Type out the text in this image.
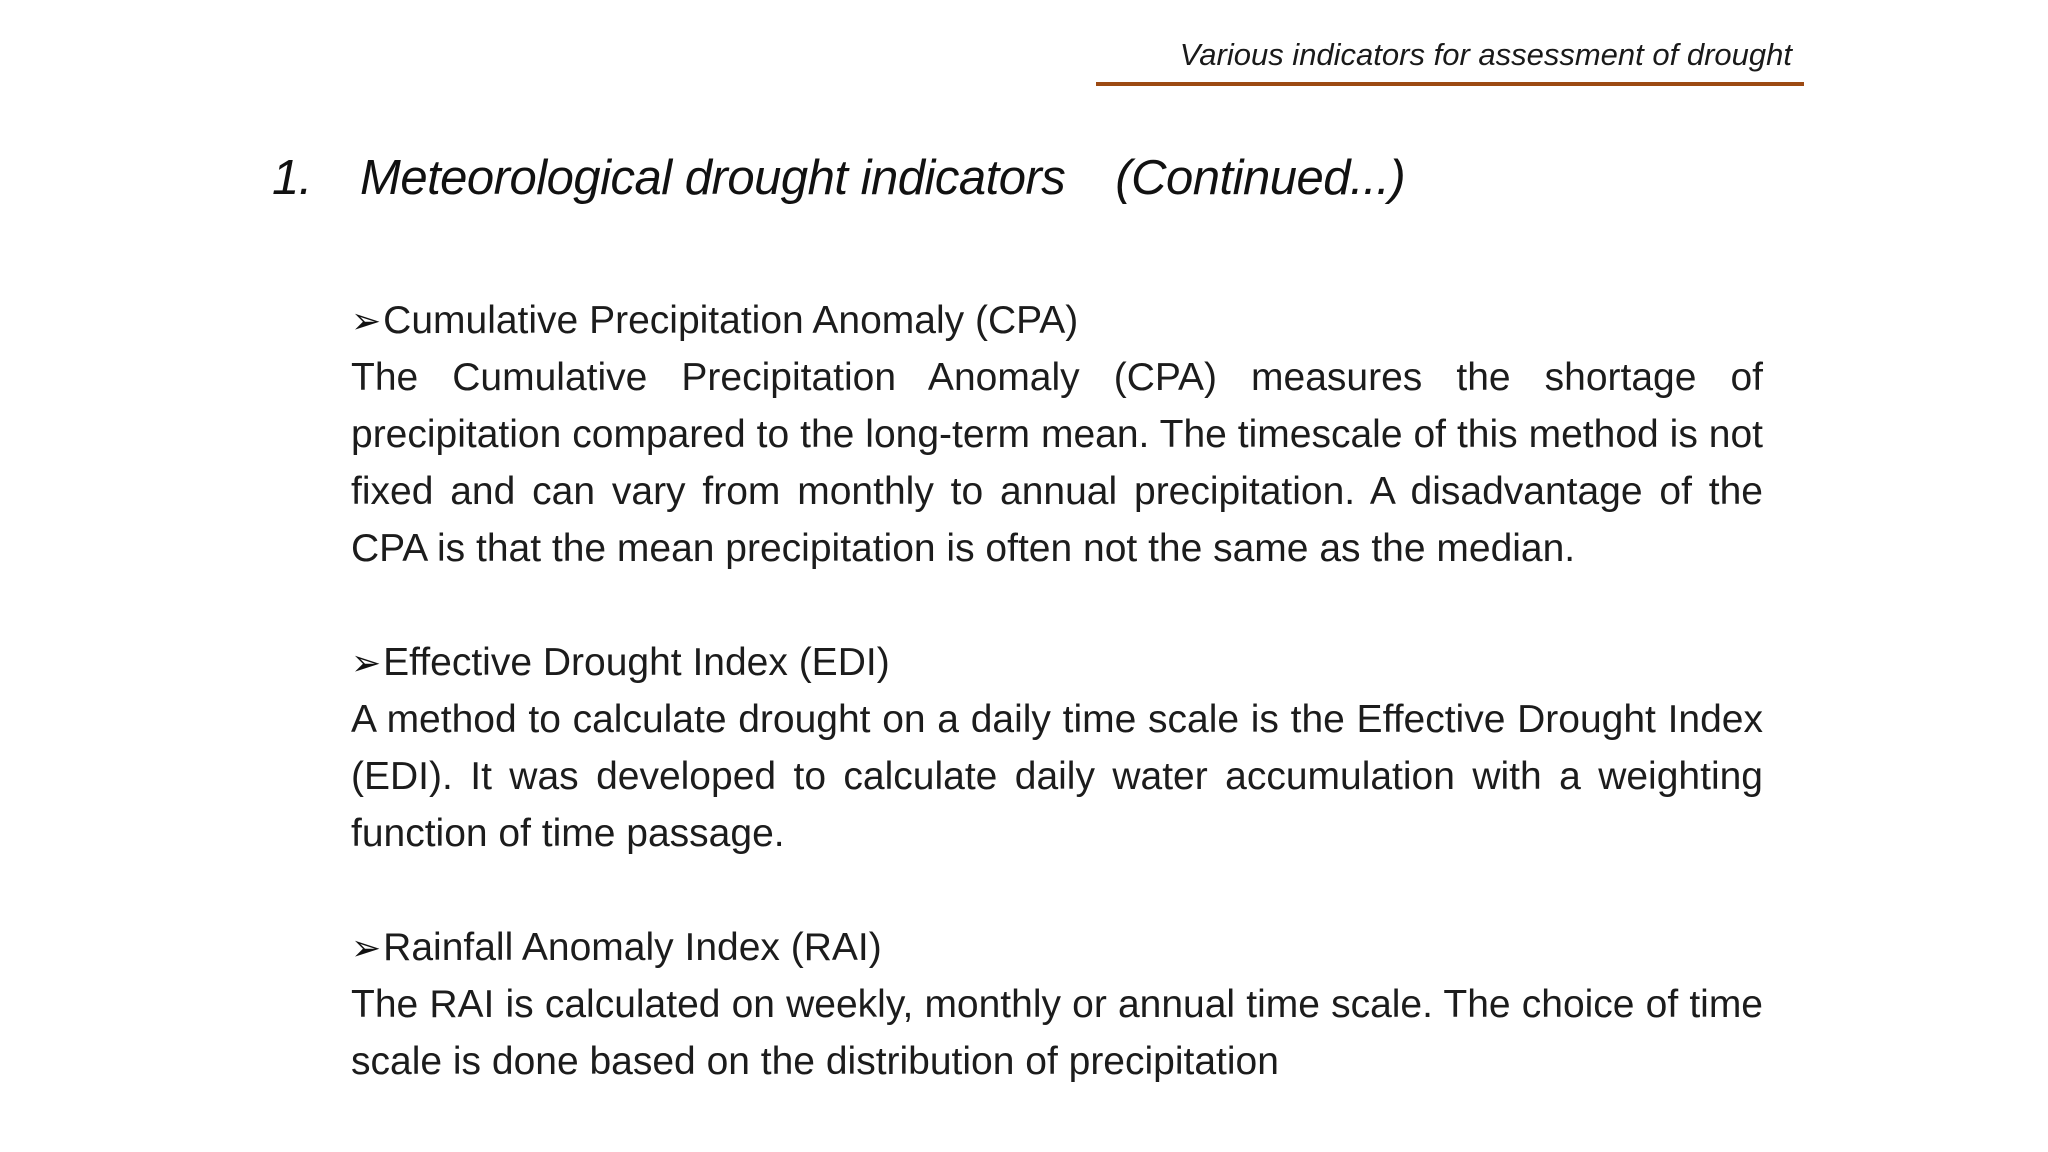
Various indicators for assessment of drought
1. Meteorological drought indicators (Continued...)
➢Cumulative Precipitation Anomaly (CPA)
The Cumulative Precipitation Anomaly (CPA) measures the shortage of precipitation compared to the long-term mean. The timescale of this method is not fixed and can vary from monthly to annual precipitation. A disadvantage of the CPA is that the mean precipitation is often not the same as the median.
➢Effective Drought Index (EDI)
A method to calculate drought on a daily time scale is the Effective Drought Index (EDI). It was developed to calculate daily water accumulation with a weighting function of time passage.
➢Rainfall Anomaly Index (RAI)
The RAI is calculated on weekly, monthly or annual time scale. The choice of time scale is done based on the distribution of precipitation
